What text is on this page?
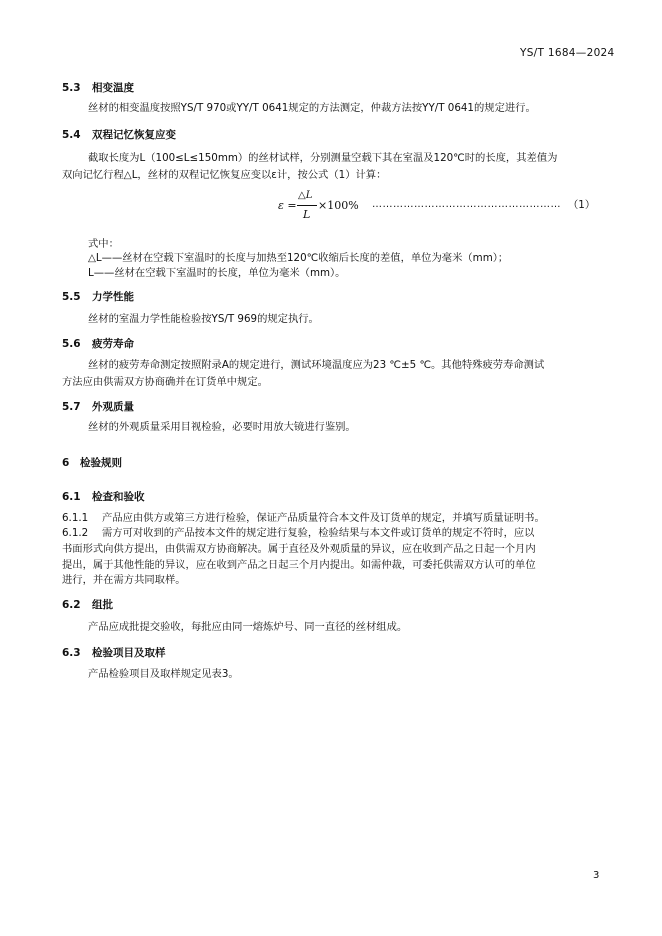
YS/T 1684—2024
5.3 相变温度
丝材的相变温度按照YS/T 970或YY/T 0641规定的方法测定，仲裁方法按YY/T 0641的规定进行。
5.4 双程记忆恢复应变
截取长度为L（100≤L≤150mm）的丝材试样，分别测量空载下其在室温及120℃时的长度，其差值为
双向记忆行程△L，丝材的双程记忆恢复应变以ε计，按公式（1）计算：
ε =
△L
L
×100% ……………………………………………… （1）
式中：
△L——丝材在空载下室温时的长度与加热至120℃收缩后长度的差值，单位为毫米（mm）；
L——丝材在空载下室温时的长度，单位为毫米（mm）。
5.5 力学性能
丝材的室温力学性能检验按YS/T 969的规定执行。
5.6 疲劳寿命
丝材的疲劳寿命测定按照附录A的规定进行，测试环境温度应为23 ℃±5 ℃。其他特殊疲劳寿命测试
方法应由供需双方协商确并在订货单中规定。
5.7 外观质量
丝材的外观质量采用目视检验，必要时用放大镜进行鉴别。
6 检验规则
6.1 检查和验收
6.1.1 产品应由供方或第三方进行检验，保证产品质量符合本文件及订货单的规定，并填写质量证明书。
6.1.2 需方可对收到的产品按本文件的规定进行复验，检验结果与本文件或订货单的规定不符时，应以
书面形式向供方提出，由供需双方协商解决。属于直径及外观质量的异议，应在收到产品之日起一个月内
提出，属于其他性能的异议，应在收到产品之日起三个月内提出。如需仲裁，可委托供需双方认可的单位
进行，并在需方共同取样。
6.2 组批
产品应成批提交验收，每批应由同一熔炼炉号、同一直径的丝材组成。
6.3 检验项目及取样
产品检验项目及取样规定见表3。
3
